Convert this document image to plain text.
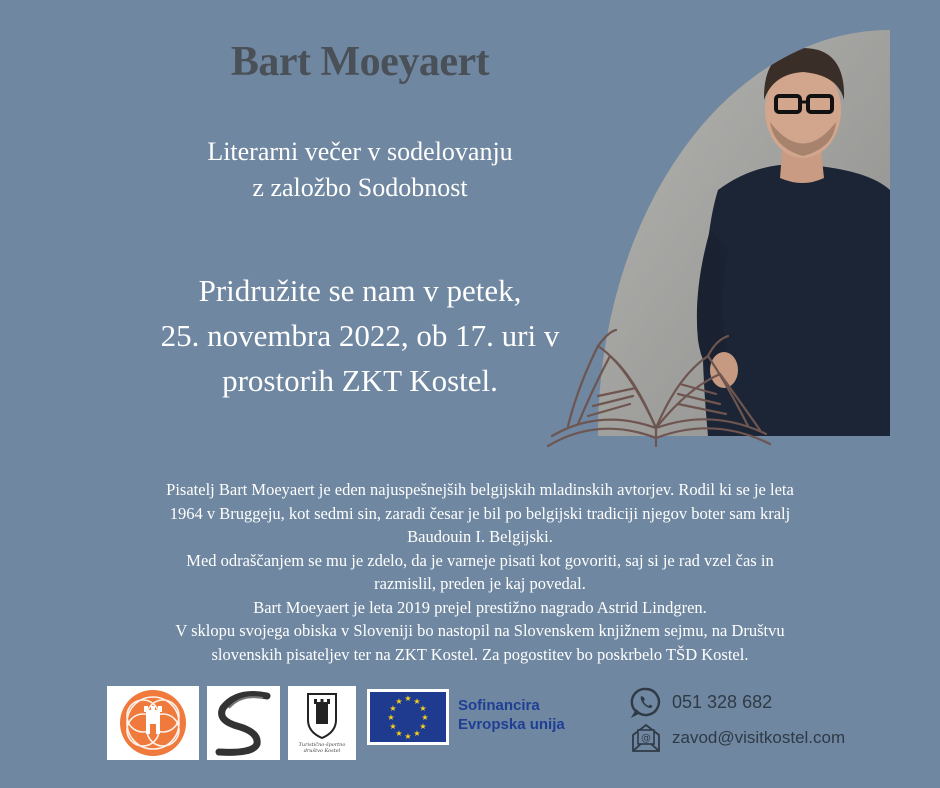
Bart Moeyaert
Literarni večer v sodelovanju
z založbo Sodobnost
Pridružite se nam v petek,
25. novembra 2022, ob 17. uri v
prostorih ZKT Kostel.
Pisatelj Bart Moeyaert je eden najuspešnejših belgijskih mladinskih avtorjev. Rodil ki se je leta
1964 v Bruggeju, kot sedmi sin, zaradi česar je bil po belgijski tradiciji njegov boter sam kralj
Baudouin I. Belgijski.
Med odraščanjem se mu je zdelo, da je varneje pisati kot govoriti, saj si je rad vzel čas in
razmislil, preden je kaj povedal.
Bart Moeyaert je leta 2019 prejel prestižno nagrado Astrid Lindgren.
V sklopu svojega obiska v Sloveniji bo nastopil na Slovenskem knjižnem sejmu, na Društvu
slovenskih pisateljev ter na ZKT Kostel. Za pogostitev bo poskrbelo TŠD Kostel.
Turistično-športno društvo Kostel
★ ★
★
★
★
★
★
★
★
★
★
★	Sofinancira
Evropska unija
051 328 682
@ zavod@visitkostel.com
